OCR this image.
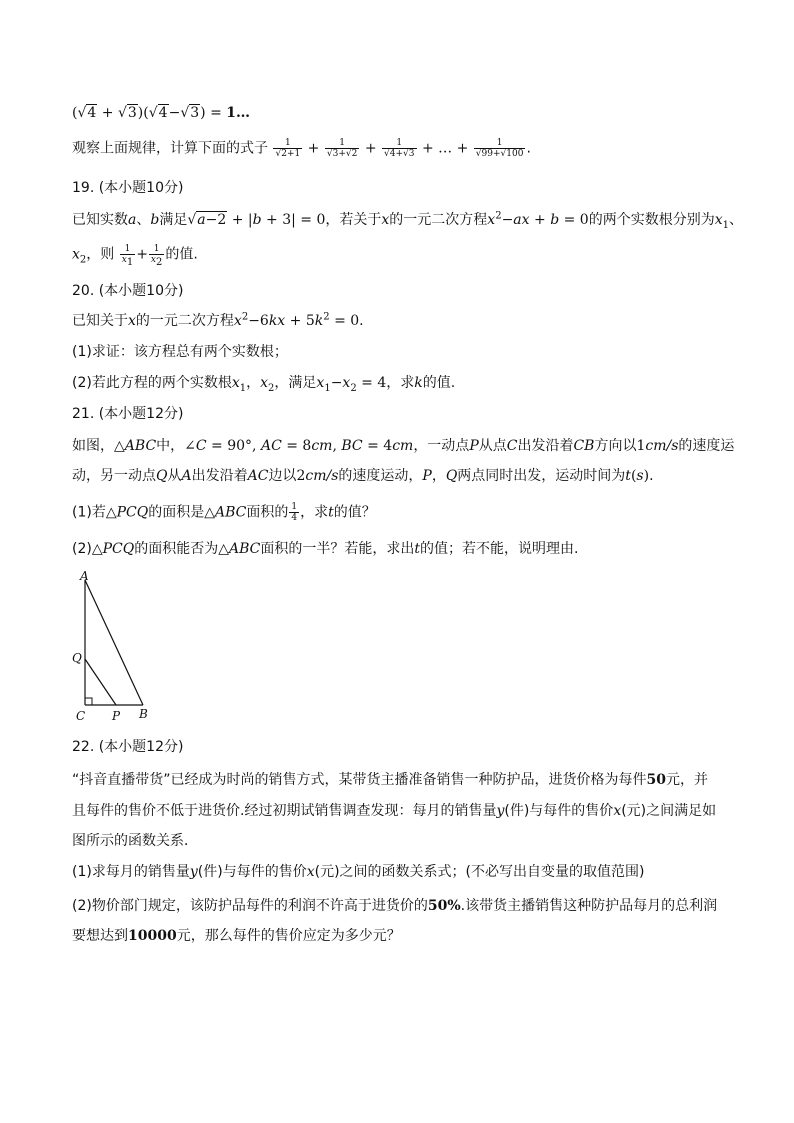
(√4 + √3)(√4−√3) = 1…
观察上面规律，计算下面的式子 $\frac{1}{√2+1} + \frac{1}{√3+√2} + \frac{1}{√4+√3}$ + … + $\frac{1}{√99+√100}$ .
19. (本小题10分)
已知实数a、b满足√a−2 + |b + 3| = 0，若关于x的一元二次方程$x^2-ax + b = 0$的两个实数根分别为$x_1$、
$x_2$，则 $\frac{1}{x_1} + \frac{1}{x_2}$ 的值.
20. (本小题10分)
已知关于x的一元二次方程$x^2-6kx + 5k^2 = 0$.
(1)求证：该方程总有两个实数根；
(2)若此方程的两个实数根$x_1$，$x_2$，满足$x_1-x_2 = 4$，求k的值.
21. (本小题12分)
如图，△ABC中，∠C = 90°, AC = 8cm, BC = 4cm，一动点P从点C出发沿着CB方向以1cm/s的速度运
动，另一动点Q从A出发沿着AC边以2cm/s的速度运动，P，Q两点同时出发，运动时间为t(s).
(1)若△PCQ的面积是△ABC面积的 $\frac{1}{4}$ ，求t的值？
(2)△PCQ的面积能否为△ABC面积的一半？若能，求出t的值；若不能，说明理由.
A
Q
C P B
22. (本小题12分)
“抖音直播带货”已经成为时尚的销售方式，某带货主播准备销售一种防护品，进货价格为每件50元，并
且每件的售价不低于进货价.经过初期试销售调查发现：每月的销售量y(件)与每件的售价x(元)之间满足如
图所示的函数关系．
(1)求每月的销售量y(件)与每件的售价x(元)之间的函数关系式；(不必写出自变量的取值范围)
(2)物价部门规定，该防护品每件的利润不许高于进货价的50%.该带货主播销售这种防护品每月的总利润
要想达到10000元，那么每件的售价应定为多少元？
